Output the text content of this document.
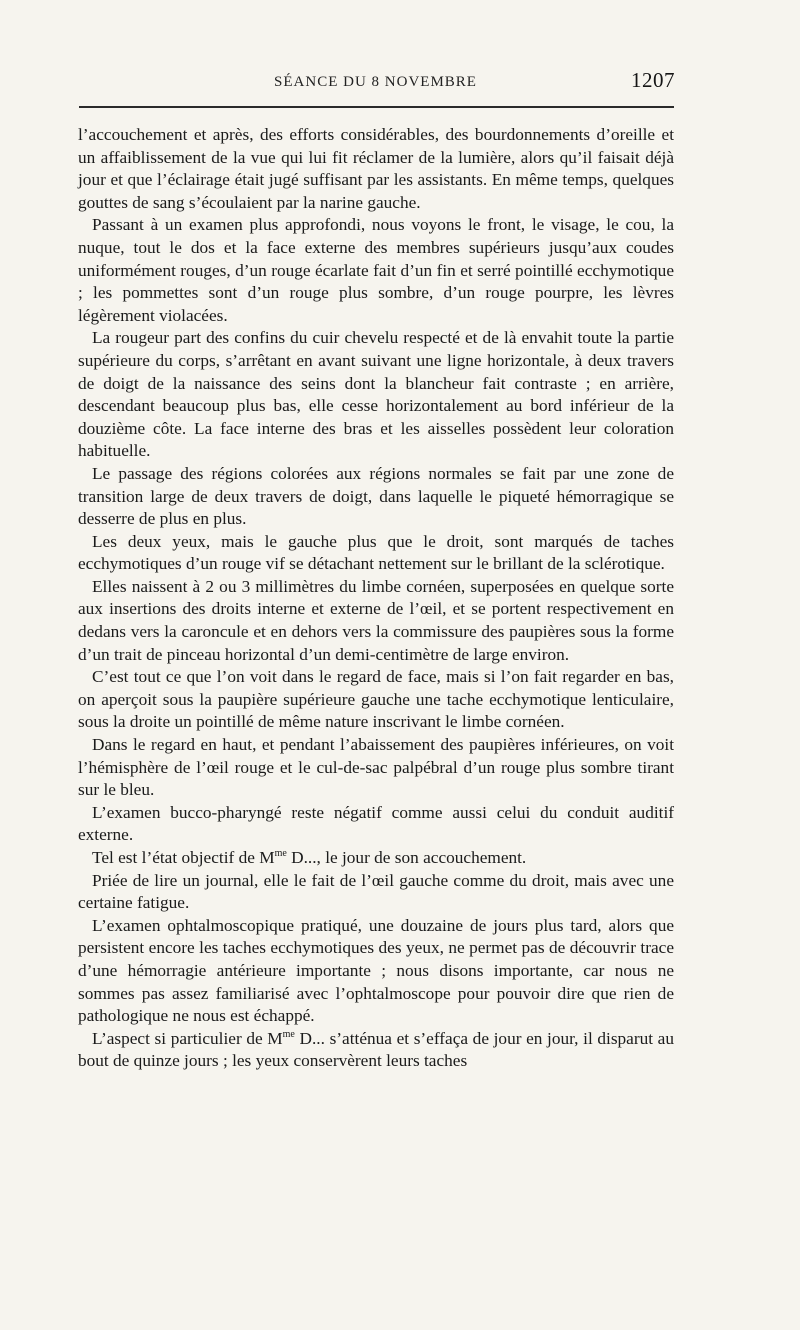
SÉANCE DU 8 NOVEMBRE	1207

l’accouchement et après, des efforts considérables, des bourdonnements d’oreille et un affaiblissement de la vue qui lui fit réclamer de la lumière, alors qu’il faisait déjà jour et que l’éclairage était jugé suffisant par les assistants. En même temps, quelques gouttes de sang s’écoulaient par la narine gauche.

Passant à un examen plus approfondi, nous voyons le front, le visage, le cou, la nuque, tout le dos et la face externe des membres supérieurs jusqu’aux coudes uniformément rouges, d’un rouge écarlate fait d’un fin et serré pointillé ecchymotique ; les pommettes sont d’un rouge plus sombre, d’un rouge pourpre, les lèvres légèrement violacées.

La rougeur part des confins du cuir chevelu respecté et de là envahit toute la partie supérieure du corps, s’arrêtant en avant suivant une ligne horizontale, à deux travers de doigt de la naissance des seins dont la blancheur fait contraste ; en arrière, descendant beaucoup plus bas, elle cesse horizontalement au bord inférieur de la douzième côte. La face interne des bras et les aisselles possèdent leur coloration habituelle.

Le passage des régions colorées aux régions normales se fait par une zone de transition large de deux travers de doigt, dans laquelle le piqueté hémorragique se desserre de plus en plus.

Les deux yeux, mais le gauche plus que le droit, sont marqués de taches ecchymotiques d’un rouge vif se détachant nettement sur le brillant de la sclérotique.

Elles naissent à 2 ou 3 millimètres du limbe cornéen, superposées en quelque sorte aux insertions des droits interne et externe de l’œil, et se portent respectivement en dedans vers la caroncule et en dehors vers la commissure des paupières sous la forme d’un trait de pinceau horizontal d’un demi-centimètre de large environ.

C’est tout ce que l’on voit dans le regard de face, mais si l’on fait regarder en bas, on aperçoit sous la paupière supérieure gauche une tache ecchymotique lenticulaire, sous la droite un pointillé de même nature inscrivant le limbe cornéen.

Dans le regard en haut, et pendant l’abaissement des paupières inférieures, on voit l’hémisphère de l’œil rouge et le cul-de-sac palpébral d’un rouge plus sombre tirant sur le bleu.

L’examen bucco-pharyngé reste négatif comme aussi celui du conduit auditif externe.

Tel est l’état objectif de $M^{me}$ D..., le jour de son accouchement.

Priée de lire un journal, elle le fait de l’œil gauche comme du droit, mais avec une certaine fatigue.

L’examen ophtalmoscopique pratiqué, une douzaine de jours plus tard, alors que persistent encore les taches ecchymotiques des yeux, ne permet pas de découvrir trace d’une hémorragie antérieure importante ; nous disons importante, car nous ne sommes pas assez familiarisé avec l’ophtalmoscope pour pouvoir dire que rien de pathologique ne nous est échappé.

L’aspect si particulier de $M^{me}$ D... s’atténua et s’effaça de jour en jour, il disparut au bout de quinze jours ; les yeux conservèrent leurs taches
